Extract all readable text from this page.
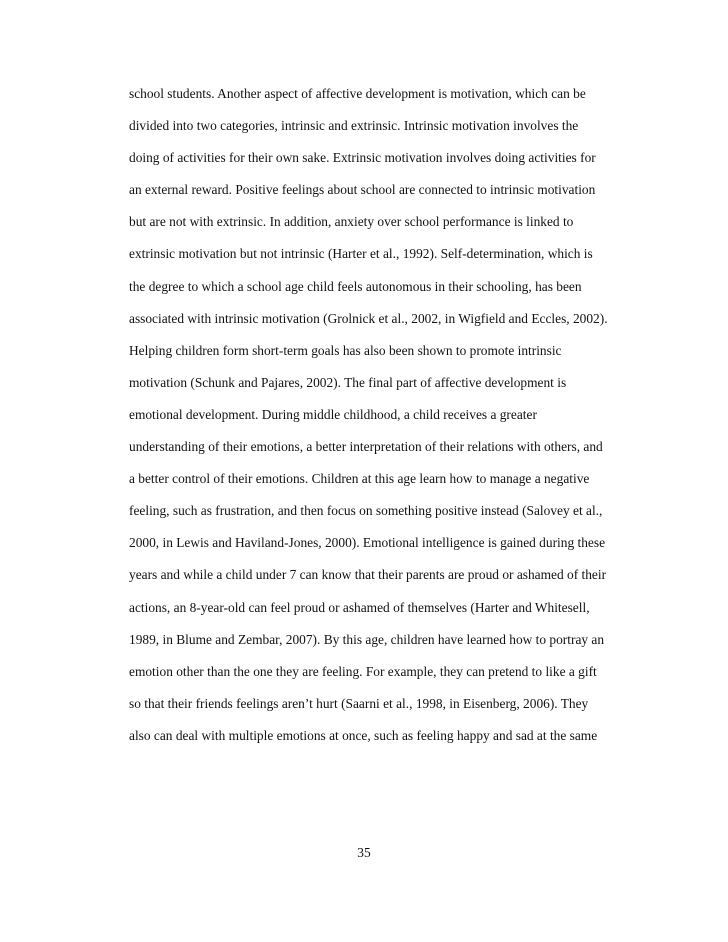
school students. Another aspect of affective development is motivation, which can be
divided into two categories, intrinsic and extrinsic. Intrinsic motivation involves the
doing of activities for their own sake. Extrinsic motivation involves doing activities for
an external reward. Positive feelings about school are connected to intrinsic motivation
but are not with extrinsic. In addition, anxiety over school performance is linked to
extrinsic motivation but not intrinsic (Harter et al., 1992). Self-determination, which is
the degree to which a school age child feels autonomous in their schooling, has been
associated with intrinsic motivation (Grolnick et al., 2002, in Wigfield and Eccles, 2002).
Helping children form short-term goals has also been shown to promote intrinsic
motivation (Schunk and Pajares, 2002). The final part of affective development is
emotional development. During middle childhood, a child receives a greater
understanding of their emotions, a better interpretation of their relations with others, and
a better control of their emotions. Children at this age learn how to manage a negative
feeling, such as frustration, and then focus on something positive instead (Salovey et al.,
2000, in Lewis and Haviland-Jones, 2000). Emotional intelligence is gained during these
years and while a child under 7 can know that their parents are proud or ashamed of their
actions, an 8-year-old can feel proud or ashamed of themselves (Harter and Whitesell,
1989, in Blume and Zembar, 2007). By this age, children have learned how to portray an
emotion other than the one they are feeling. For example, they can pretend to like a gift
so that their friends feelings aren’t hurt (Saarni et al., 1998, in Eisenberg, 2006). They
also can deal with multiple emotions at once, such as feeling happy and sad at the same
35
